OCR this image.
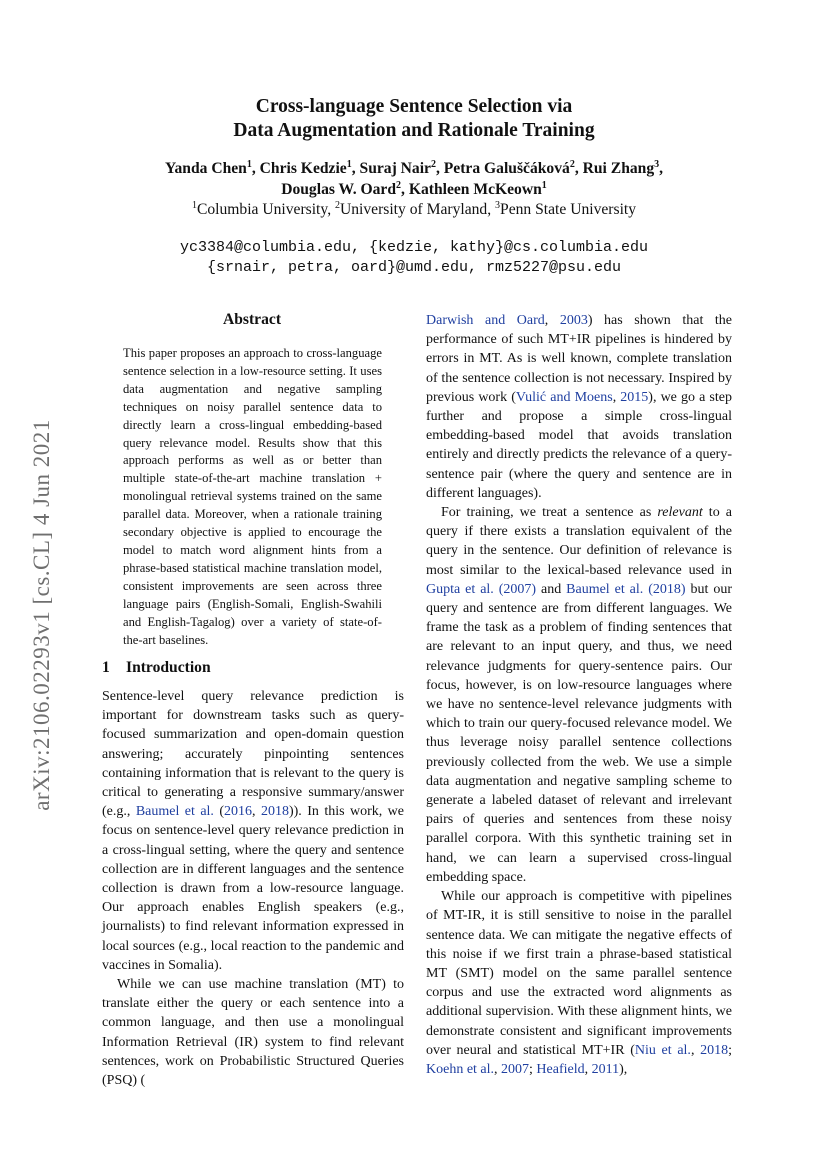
arXiv:2106.02293v1 [cs.CL] 4 Jun 2021
Cross-language Sentence Selection via
Data Augmentation and Rationale Training
Yanda Chen$^1$, Chris Kedzie$^1$, Suraj Nair$^2$, Petra Galuščáková$^2$, Rui Zhang$^3$,
Douglas W. Oard$^2$, Kathleen McKeown$^1$
$^1$Columbia University, $^2$University of Maryland, $^3$Penn State University
yc3384@columbia.edu, {kedzie, kathy}@cs.columbia.edu
{srnair, petra, oard}@umd.edu, rmz5227@psu.edu
Abstract
This paper proposes an approach to cross-language sentence selection in a low-resource setting. It uses data augmentation and negative sampling techniques on noisy parallel sentence data to directly learn a cross-lingual embedding-based query relevance model. Results show that this approach performs as well as or better than multiple state-of-the-art machine translation + monolingual retrieval systems trained on the same parallel data. Moreover, when a rationale training secondary objective is applied to encourage the model to match word alignment hints from a phrase-based statistical machine translation model, consistent improvements are seen across three language pairs (English-Somali, English-Swahili and English-Tagalog) over a variety of state-of-the-art baselines.
1 Introduction

Sentence-level query relevance prediction is important for downstream tasks such as query-focused summarization and open-domain question answering; accurately pinpointing sentences containing information that is relevant to the query is critical to generating a responsive summary/answer (e.g., Baumel et al. (2016, 2018)). In this work, we focus on sentence-level query relevance prediction in a cross-lingual setting, where the query and sentence collection are in different languages and the sentence collection is drawn from a low-resource language. Our approach enables English speakers (e.g., journalists) to find relevant information expressed in local sources (e.g., local reaction to the pandemic and vaccines in Somalia).

While we can use machine translation (MT) to translate either the query or each sentence into a common language, and then use a monolingual Information Retrieval (IR) system to find relevant sentences, work on Probabilistic Structured Queries (PSQ) (

Darwish and Oard, 2003) has shown that the performance of such MT+IR pipelines is hindered by errors in MT. As is well known, complete translation of the sentence collection is not necessary. Inspired by previous work (Vulić and Moens, 2015), we go a step further and propose a simple cross-lingual embedding-based model that avoids translation entirely and directly predicts the relevance of a query-sentence pair (where the query and sentence are in different languages).

For training, we treat a sentence as relevant to a query if there exists a translation equivalent of the query in the sentence. Our definition of relevance is most similar to the lexical-based relevance used in Gupta et al. (2007) and Baumel et al. (2018) but our query and sentence are from different languages. We frame the task as a problem of finding sentences that are relevant to an input query, and thus, we need relevance judgments for query-sentence pairs. Our focus, however, is on low-resource languages where we have no sentence-level relevance judgments with which to train our query-focused relevance model. We thus leverage noisy parallel sentence collections previously collected from the web. We use a simple data augmentation and negative sampling scheme to generate a labeled dataset of relevant and irrelevant pairs of queries and sentences from these noisy parallel corpora. With this synthetic training set in hand, we can learn a supervised cross-lingual embedding space.

While our approach is competitive with pipelines of MT-IR, it is still sensitive to noise in the parallel sentence data. We can mitigate the negative effects of this noise if we first train a phrase-based statistical MT (SMT) model on the same parallel sentence corpus and use the extracted word alignments as additional supervision. With these alignment hints, we demonstrate consistent and significant improvements over neural and statistical MT+IR (Niu et al., 2018; Koehn et al., 2007; Heafield, 2011),
